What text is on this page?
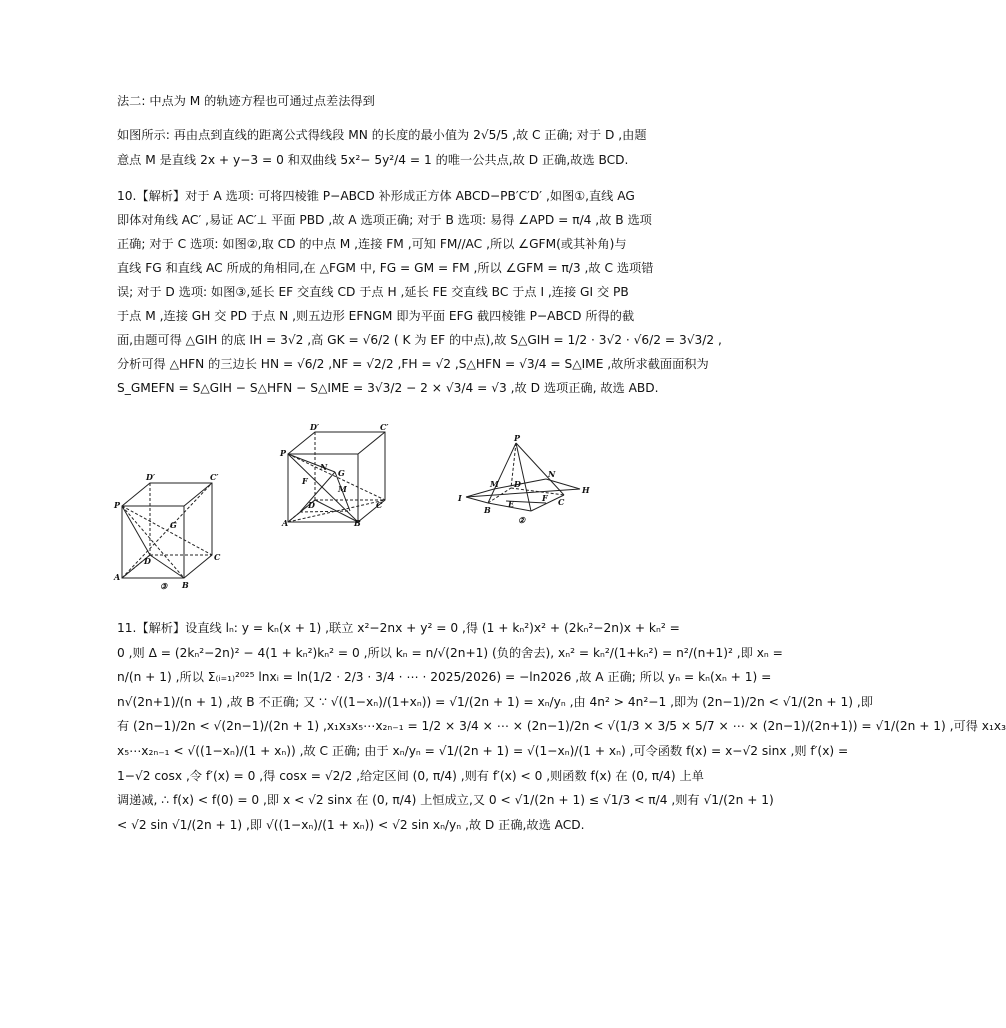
法二: 中点为 M 的轨迹方程也可通过点差法得到
如图所示: 再由点到直线的距离公式得线段 MN 的长度的最小值为 2√5/5 ,故 C 正确; 对于 D ,由题
意点 M 是直线 2x + y−3 = 0 和双曲线 5x²− 5y²/4 = 1 的唯一公共点,故 D 正确,故选 BCD.
10.【解析】对于 A 选项: 可将四棱锥 P−ABCD 补形成正方体 ABCD−PB′C′D′ ,如图①,直线 AG
即体对角线 AC′ ,易证 AC′⊥ 平面 PBD ,故 A 选项正确; 对于 B 选项: 易得 ∠APD = π/4 ,故 B 选项
正确; 对于 C 选项: 如图②,取 CD 的中点 M ,连接 FM ,可知 FM//AC ,所以 ∠GFM(或其补角)与
直线 FG 和直线 AC 所成的角相同,在 △FGM 中, FG = GM = FM ,所以 ∠GFM = π/3 ,故 C 选项错
误; 对于 D 选项: 如图③,延长 EF 交直线 CD 于点 H ,延长 FE 交直线 BC 于点 I ,连接 GI 交 PB
于点 M ,连接 GH 交 PD 于点 N ,则五边形 EFNGM 即为平面 EFG 截四棱锥 P−ABCD 所得的截
面,由题可得 △GIH 的底 IH = 3√2 ,高 GK = √6/2 ( K 为 EF 的中点),故 S△GIH = 1/2 · 3√2 · √6/2 = 3√3/2 ,
分析可得 △HFN 的三边长 HN = √6/2 ,NF = √2/2 ,FH = √2 ,S△HFN = √3/4 = S△IME ,故所求截面面积为
S_GMEFN = S△GIH − S△HFN − S△IME = 3√3/2 − 2 × √3/4 = √3 ,故 D 选项正确, 故选 ABD.
D′	C′
P
G
A
D
B
C
③
D′	C′
P
N
M
F
D	C
G
A	B
P
M
N
D
I
E
F
H
B
C
②
11.【解析】设直线 lₙ: y = kₙ(x + 1) ,联立 x²−2nx + y² = 0 ,得 (1 + kₙ²)x² + (2kₙ²−2n)x + kₙ² =
0 ,则 Δ = (2kₙ²−2n)² − 4(1 + kₙ²)kₙ² = 0 ,所以 kₙ = n/√(2n+1) (负的舍去), xₙ² = kₙ²/(1+kₙ²) = n²/(n+1)² ,即 xₙ =
n/(n + 1) ,所以 Σ₍ᵢ₌₁₎²⁰²⁵ lnxᵢ = ln(1/2 · 2/3 · 3/4 · ⋯ · 2025/2026) = −ln2026 ,故 A 正确; 所以 yₙ = kₙ(xₙ + 1) =
n√(2n+1)/(n + 1) ,故 B 不正确; 又 ∵ √((1−xₙ)/(1+xₙ)) = √1/(2n + 1) = xₙ/yₙ ,由 4n² > 4n²−1 ,即为 (2n−1)/2n < √1/(2n + 1) ,即
有 (2n−1)/2n < √(2n−1)/(2n + 1) ,x₁x₃x₅⋯x₂ₙ₋₁ = 1/2 × 3/4 × ⋯ × (2n−1)/2n < √(1/3 × 3/5 × 5/7 × ⋯ × (2n−1)/(2n+1)) = √1/(2n + 1) ,可得 x₁x₃
x₅⋯x₂ₙ₋₁ < √((1−xₙ)/(1 + xₙ)) ,故 C 正确; 由于 xₙ/yₙ = √1/(2n + 1) = √(1−xₙ)/(1 + xₙ) ,可令函数 f(x) = x−√2 sinx ,则 f′(x) =
1−√2 cosx ,令 f′(x) = 0 ,得 cosx = √2/2 ,给定区间 (0, π/4) ,则有 f′(x) < 0 ,则函数 f(x) 在 (0, π/4) 上单
调递减, ∴ f(x) < f(0) = 0 ,即 x < √2 sinx 在 (0, π/4) 上恒成立,又 0 < √1/(2n + 1) ≤ √1/3 < π/4 ,则有 √1/(2n + 1)
< √2 sin √1/(2n + 1) ,即 √((1−xₙ)/(1 + xₙ)) < √2 sin xₙ/yₙ ,故 D 正确,故选 ACD.
